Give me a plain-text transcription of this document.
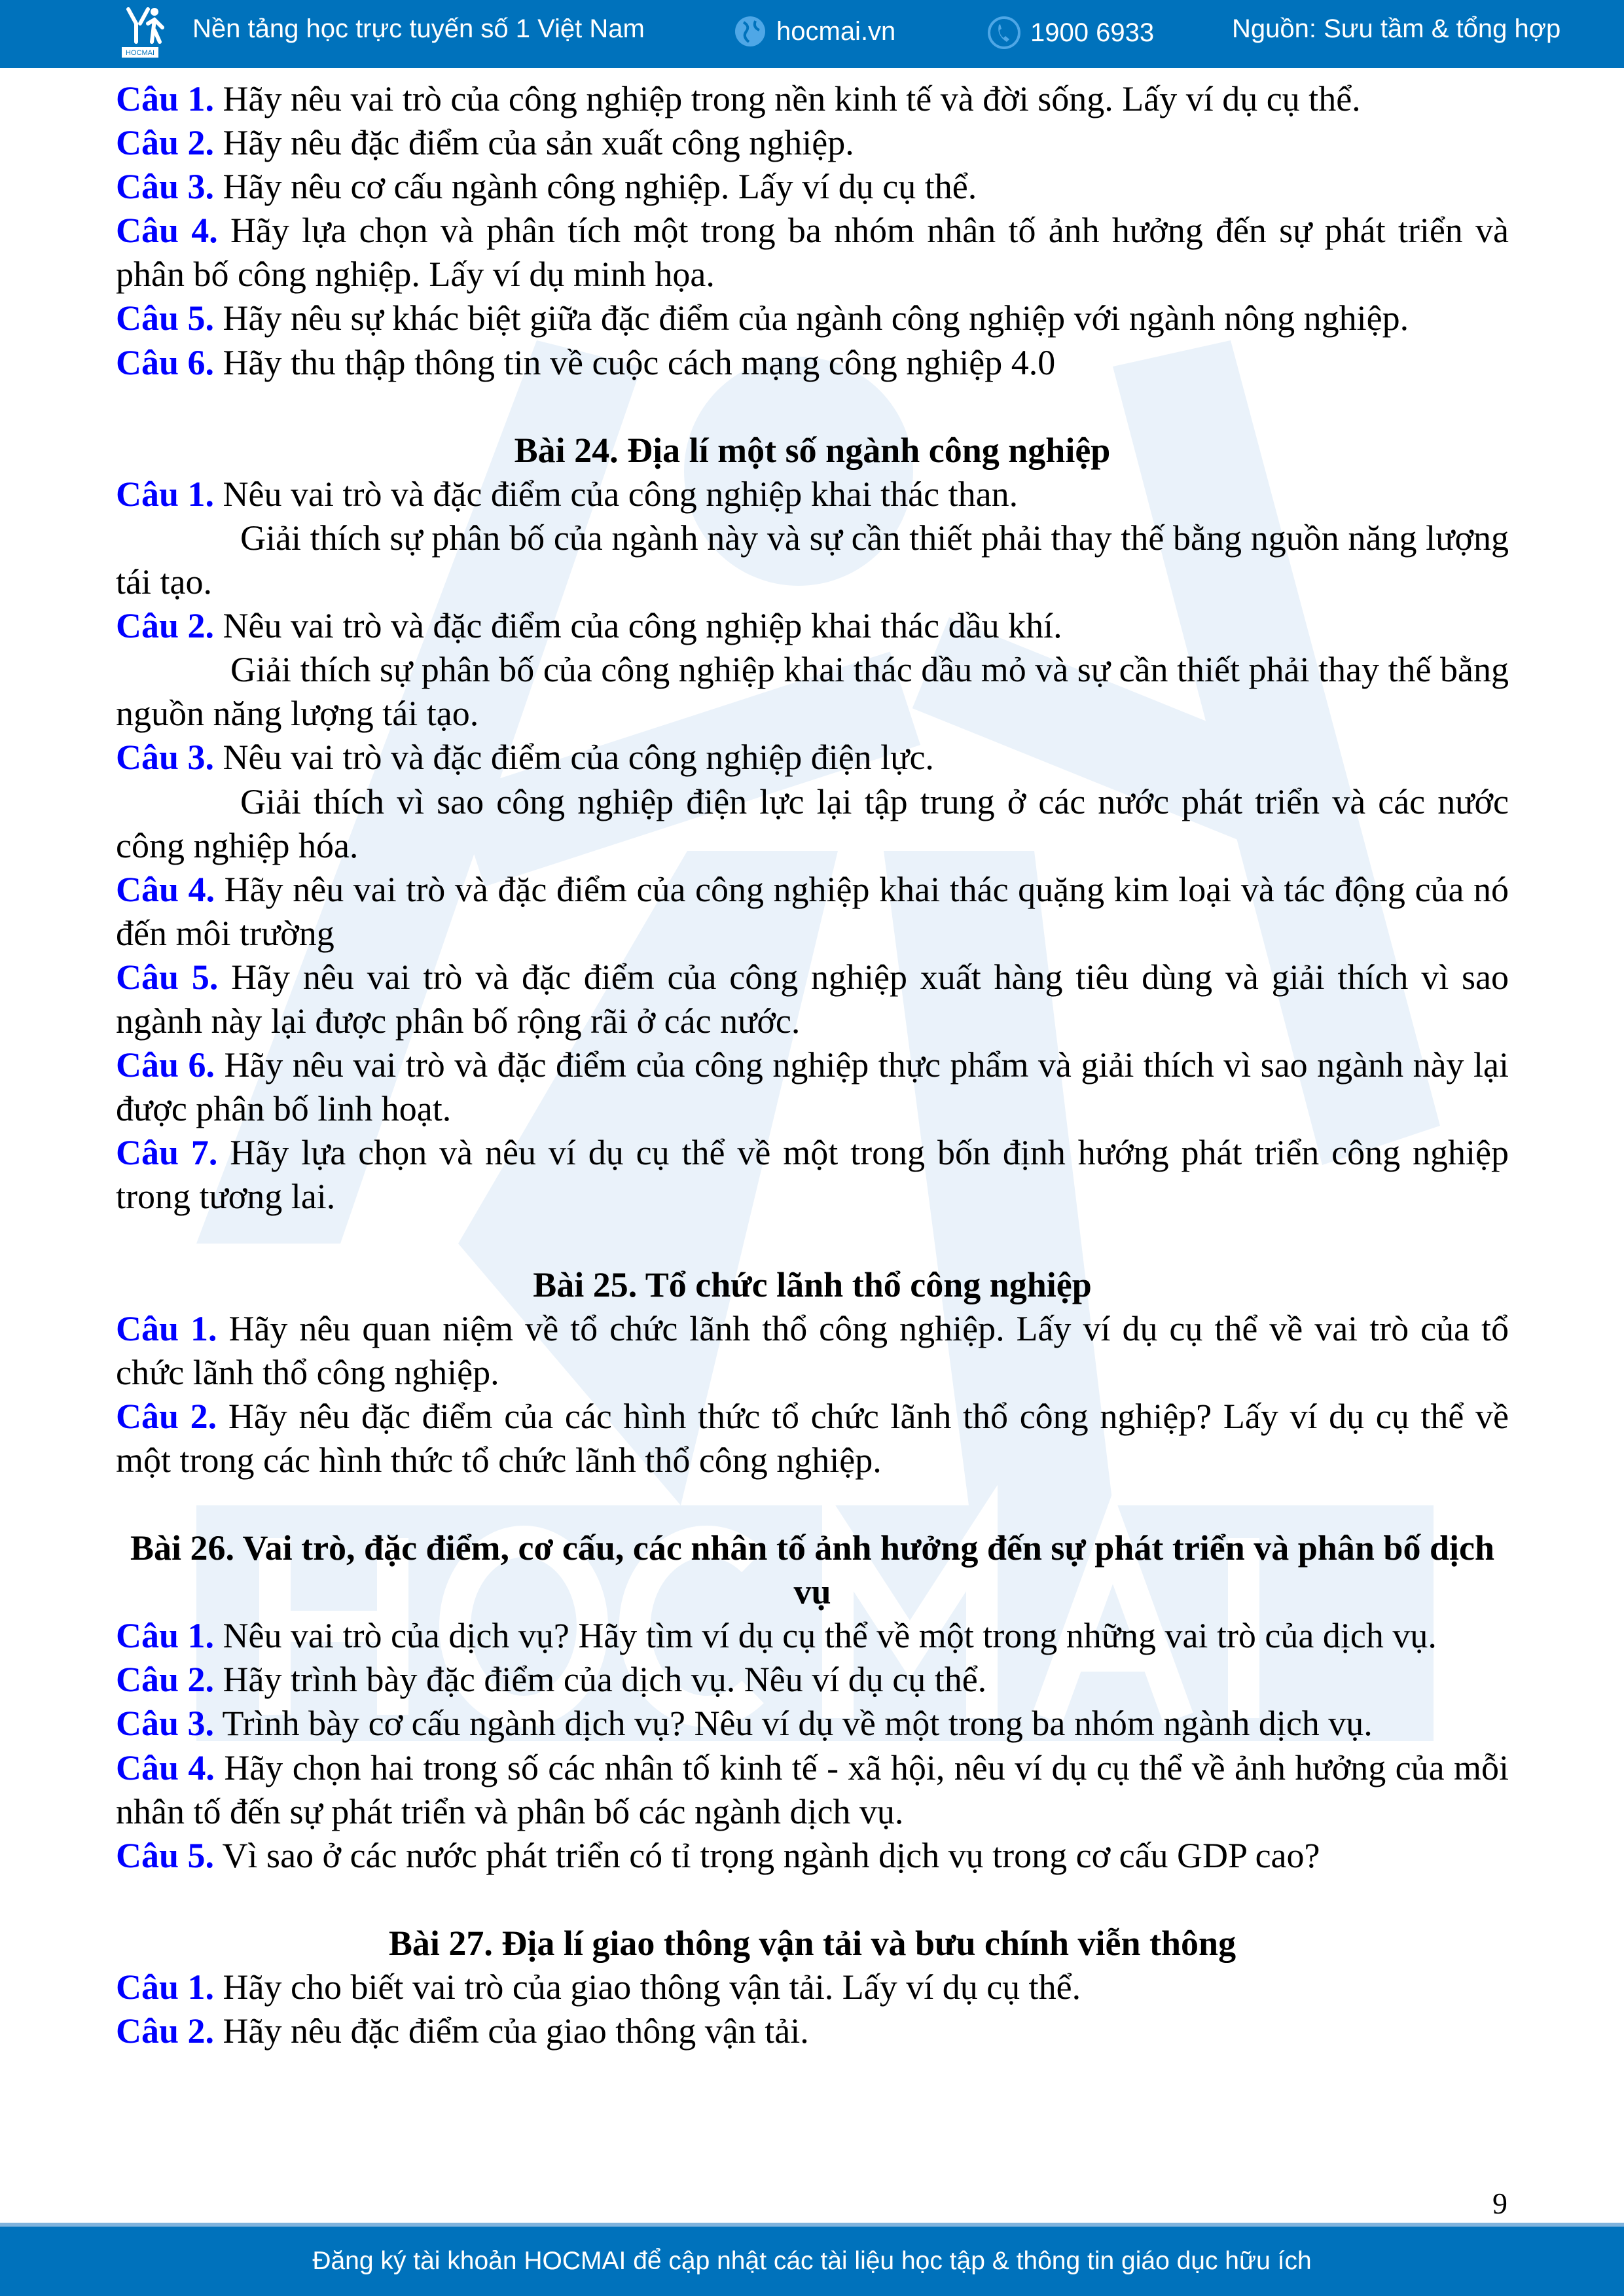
HOCMAI
Nền tảng học trực tuyến số 1 Việt Nam	hocmai.vn	1900 6933	Nguồn: Sưu tầm & tổng hợp

Câu 1. Hãy nêu vai trò của công nghiệp trong nền kinh tế và đời sống. Lấy ví dụ cụ thể.

Câu 2. Hãy nêu đặc điểm của sản xuất công nghiệp.

Câu 3. Hãy nêu cơ cấu ngành công nghiệp. Lấy ví dụ cụ thể.

Câu 4. Hãy lựa chọn và phân tích một trong ba nhóm nhân tố ảnh hưởng đến sự phát triển và phân bố công nghiệp. Lấy ví dụ minh họa.

Câu 5. Hãy nêu sự khác biệt giữa đặc điểm của ngành công nghiệp với ngành nông nghiệp.

Câu 6. Hãy thu thập thông tin về cuộc cách mạng công nghiệp 4.0

Bài 24. Địa lí một số ngành công nghiệp

Câu 1. Nêu vai trò và đặc điểm của công nghiệp khai thác than.

Giải thích sự phân bố của ngành này và sự cần thiết phải thay thế bằng nguồn năng lượng tái tạo.

Câu 2. Nêu vai trò và đặc điểm của công nghiệp khai thác dầu khí.

Giải thích sự phân bố của công nghiệp khai thác dầu mỏ và sự cần thiết phải thay thế bằng nguồn năng lượng tái tạo.

Câu 3. Nêu vai trò và đặc điểm của công nghiệp điện lực.

Giải thích vì sao công nghiệp điện lực lại tập trung ở các nước phát triển và các nước công nghiệp hóa.

Câu 4. Hãy nêu vai trò và đặc điểm của công nghiệp khai thác quặng kim loại và tác động của nó đến môi trường

Câu 5. Hãy nêu vai trò và đặc điểm của công nghiệp xuất hàng tiêu dùng và giải thích vì sao ngành này lại được phân bố rộng rãi ở các nước.

Câu 6. Hãy nêu vai trò và đặc điểm của công nghiệp thực phẩm và giải thích vì sao ngành này lại được phân bố linh hoạt.

Câu 7. Hãy lựa chọn và nêu ví dụ cụ thể về một trong bốn định hướng phát triển công nghiệp trong tương lai.

Bài 25. Tổ chức lãnh thổ công nghiệp

Câu 1. Hãy nêu quan niệm về tổ chức lãnh thổ công nghiệp. Lấy ví dụ cụ thể về vai trò của tổ chức lãnh thổ công nghiệp.

Câu 2. Hãy nêu đặc điểm của các hình thức tổ chức lãnh thổ công nghiệp? Lấy ví dụ cụ thể về một trong các hình thức tổ chức lãnh thổ công nghiệp.

Bài 26. Vai trò, đặc điểm, cơ cấu, các nhân tố ảnh hưởng đến sự phát triển và phân bố dịch vụ

Câu 1. Nêu vai trò của dịch vụ? Hãy tìm ví dụ cụ thể về một trong những vai trò của dịch vụ.

Câu 2. Hãy trình bày đặc điểm của dịch vụ. Nêu ví dụ cụ thể.

Câu 3. Trình bày cơ cấu ngành dịch vụ? Nêu ví dụ về một trong ba nhóm ngành dịch vụ.

Câu 4. Hãy chọn hai trong số các nhân tố kinh tế - xã hội, nêu ví dụ cụ thể về ảnh hưởng của mỗi nhân tố đến sự phát triển và phân bố các ngành dịch vụ.

Câu 5. Vì sao ở các nước phát triển có tỉ trọng ngành dịch vụ trong cơ cấu GDP cao?

Bài 27. Địa lí giao thông vận tải và bưu chính viễn thông

Câu 1. Hãy cho biết vai trò của giao thông vận tải. Lấy ví dụ cụ thể.

Câu 2. Hãy nêu đặc điểm của giao thông vận tải.

9
Đăng ký tài khoản HOCMAI để cập nhật các tài liệu học tập & thông tin giáo dục hữu ích
